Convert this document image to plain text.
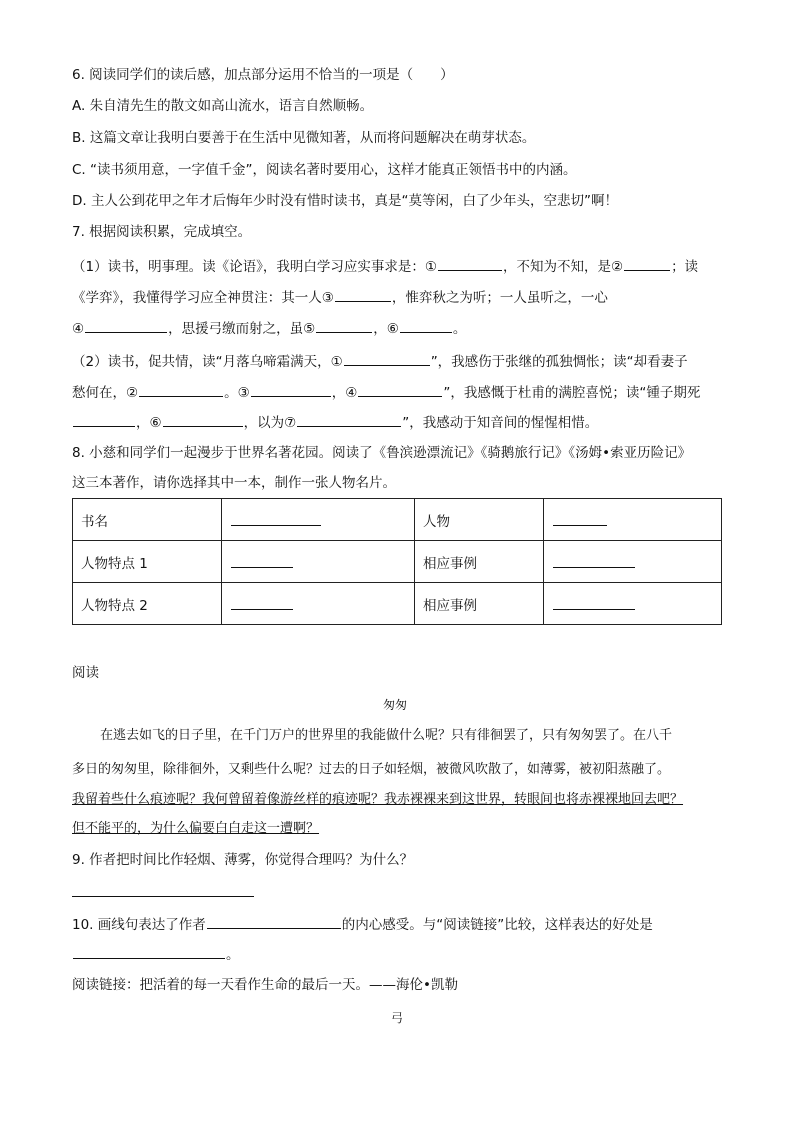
6. 阅读同学们的读后感，加点部分运用不恰当的一项是（　　）
A. 朱自清先生的散文如高山流水，语言自然顺畅。
B. 这篇文章让我明白要善于在生活中见微知著，从而将问题解决在萌芽状态。
C. “读书须用意，一字值千金”，阅读名著时要用心，这样才能真正领悟书中的内涵。
D. 主人公到花甲之年才后悔年少时没有惜时读书，真是“莫等闲，白了少年头，空悲切”啊！
7. 根据阅读积累，完成填空。
（1）读书，明事理。读《论语》，我明白学习应实事求是：①	，不知为不知，是②	；读
《学弈》，我懂得学习应全神贯注：其一人③	，惟弈秋之为听；一人虽听之，一心
④	，思援弓缴而射之，虽⑤	，⑥	。
（2）读书，促共情，读“月落乌啼霜满天，①	”，我感伤于张继的孤独惆怅；读“却看妻子
愁何在，②	。③	，④	”，我感慨于杜甫的满腔喜悦；读“锺子期死
，⑥	，以为⑦	”，我感动于知音间的惺惺相惜。
8. 小慈和同学们一起漫步于世界名著花园。阅读了《鲁滨逊漂流记》《骑鹅旅行记》《汤姆•索亚历险记》
这三本著作，请你选择其中一本，制作一张人物名片。
书名		人物	
人物特点 1		相应事例	
人物特点 2		相应事例	
阅读
匆匆
在逃去如飞的日子里，在千门万户的世界里的我能做什么呢？只有徘徊罢了，只有匆匆罢了。在八千
多日的匆匆里，除徘徊外，又剩些什么呢？过去的日子如轻烟，被微风吹散了，如薄雾，被初阳蒸融了。
我留着些什么痕迹呢？我何曾留着像游丝样的痕迹呢？我赤裸裸来到这世界，转眼间也将赤裸裸地回去吧？
但不能平的，为什么偏要白白走这一遭啊？
9. 作者把时间比作轻烟、薄雾，你觉得合理吗？为什么？
10. 画线句表达了作者	的内心感受。与“阅读链接”比较，这样表达的好处是
。
阅读链接：把活着的每一天看作生命的最后一天。——海伦•凯勒
弓
